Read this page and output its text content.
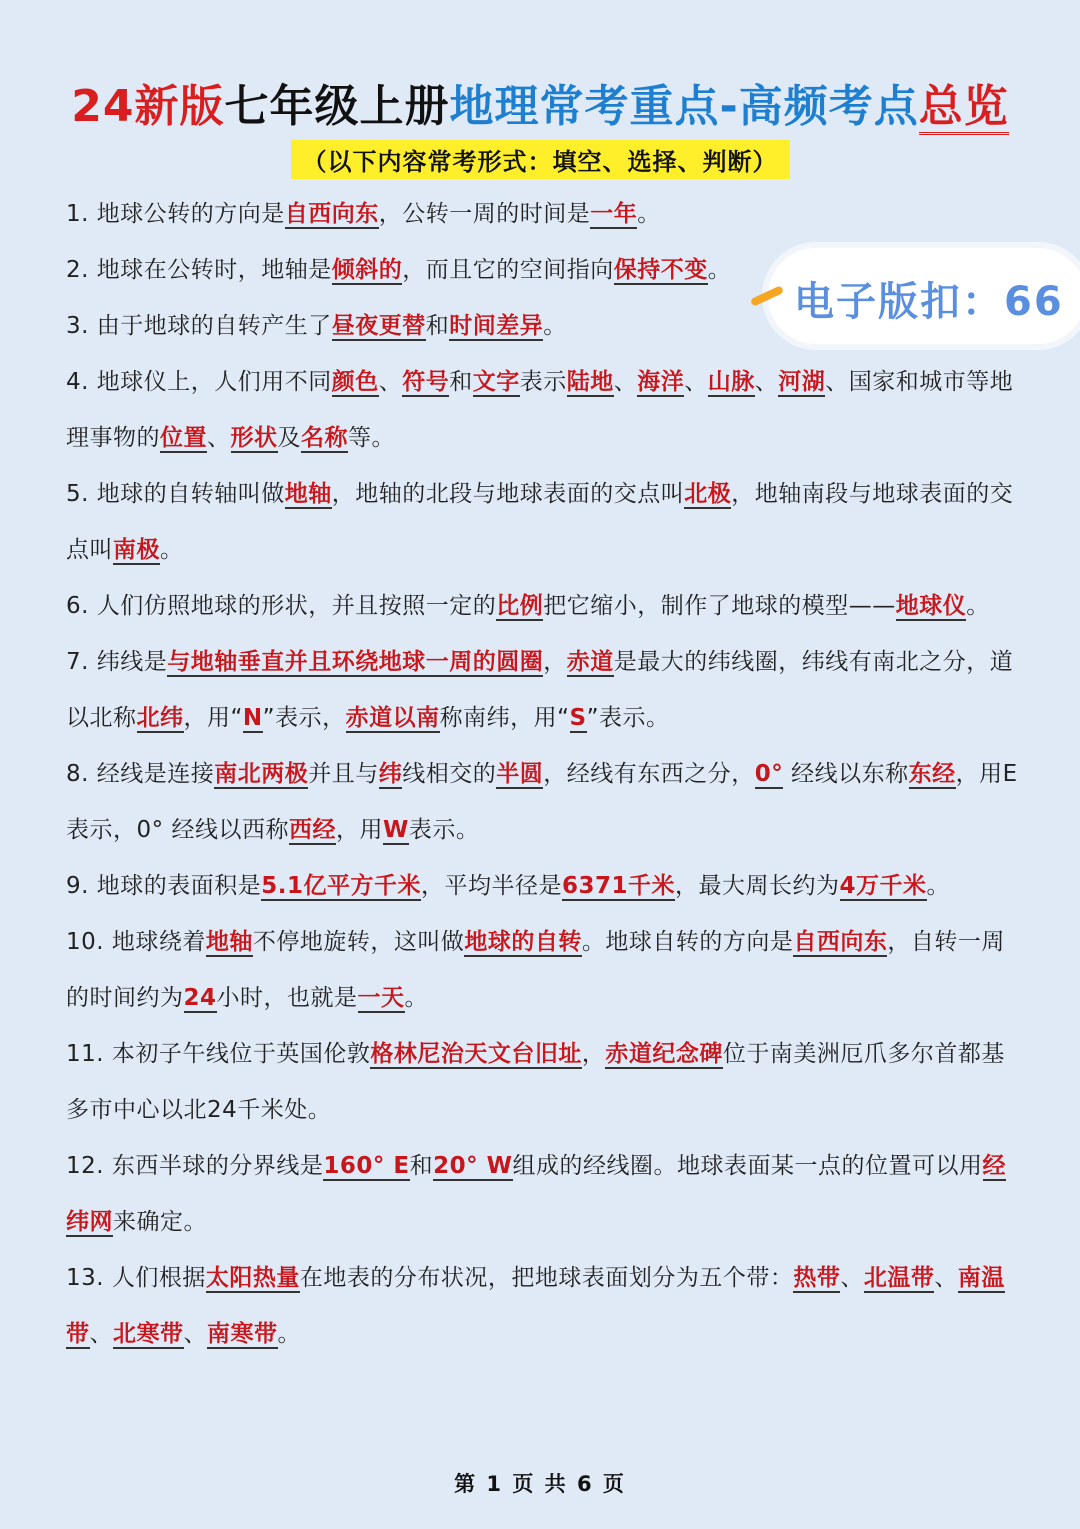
24新版七年级上册地理常考重点-高频考点总览
（以下内容常考形式：填空、选择、判断）
1. 地球公转的方向是自西向东，公转一周的时间是一年。
2. 地球在公转时，地轴是倾斜的，而且它的空间指向保持不变。
3. 由于地球的自转产生了昼夜更替和时间差异。
4. 地球仪上，人们用不同颜色、符号和文字表示陆地、海洋、山脉、河湖、国家和城市等地理事物的位置、形状及名称等。
5. 地球的自转轴叫做地轴，地轴的北段与地球表面的交点叫北极，地轴南段与地球表面的交点叫南极。
6. 人们仿照地球的形状，并且按照一定的比例把它缩小，制作了地球的模型——地球仪。
7. 纬线是与地轴垂直并且环绕地球一周的圆圈，赤道是最大的纬线圈，纬线有南北之分，道以北称北纬，用“N”表示，赤道以南称南纬，用“S”表示。
8. 经线是连接南北两极并且与纬线相交的半圆，经线有东西之分，0° 经线以东称东经，用E表示，0° 经线以西称西经，用W表示。
9. 地球的表面积是5.1亿平方千米，平均半径是6371千米，最大周长约为4万千米。
10. 地球绕着地轴不停地旋转，这叫做地球的自转。地球自转的方向是自西向东，自转一周的时间约为24小时，也就是一天。
11. 本初子午线位于英国伦敦格林尼治天文台旧址，赤道纪念碑位于南美洲厄爪多尔首都基多市中心以北24千米处。
12. 东西半球的分界线是160° E和20° W组成的经线圈。地球表面某一点的位置可以用经纬网来确定。
13. 人们根据太阳热量在地表的分布状况，把地球表面划分为五个带：热带、北温带、南温带、北寒带、南寒带。
电子版扣：66
第 1 页 共 6 页
